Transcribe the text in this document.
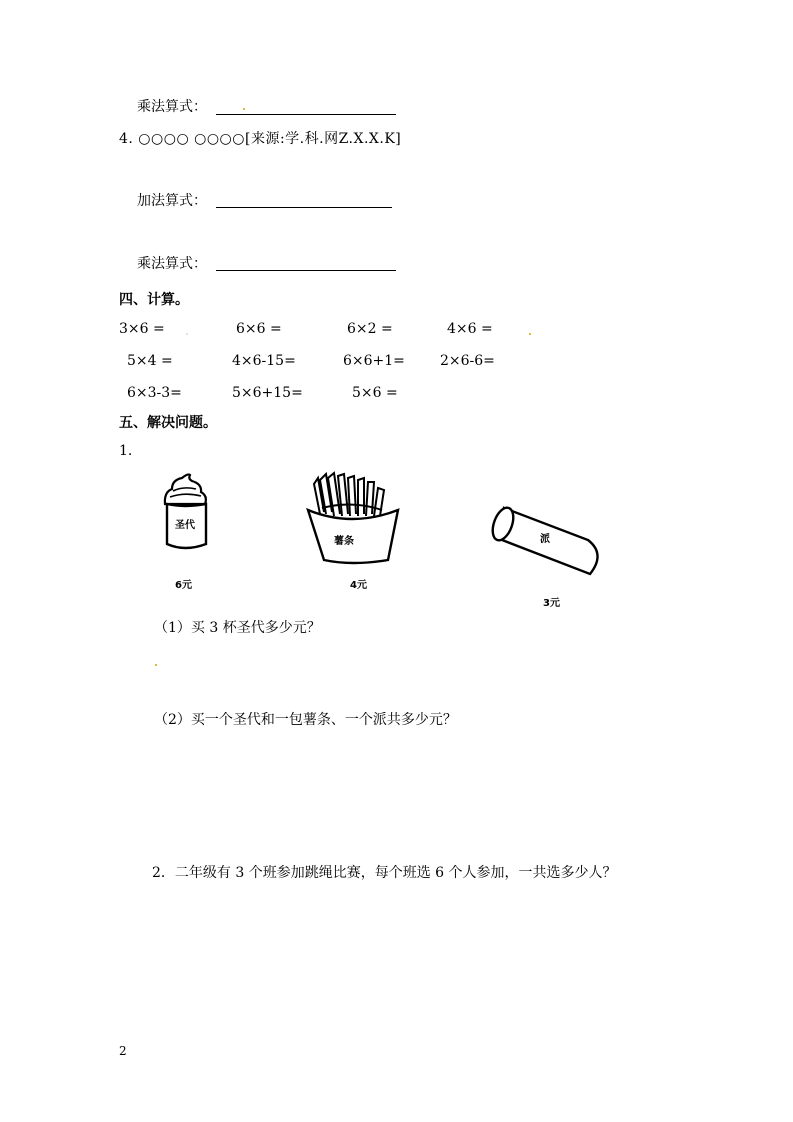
乘法算式：
4. ○○○○ ○○○○[来源:学.科.网Z.X.X.K]
加法算式：
乘法算式：
四、计算。
3×6 =	6×6 =	6×2 =	4×6 =
5×4 =	4×6-15=	6×6+1=	2×6-6=
6×3-3=	5×6+15=	5×6 =
五、解决问题。
1.
圣代
薯条	派
6元	4元
3元
（1）买 3 杯圣代多少元？
（2）买一个圣代和一包薯条、一个派共多少元？
2．二年级有 3 个班参加跳绳比赛，每个班选 6 个人参加，一共选多少人？
2
